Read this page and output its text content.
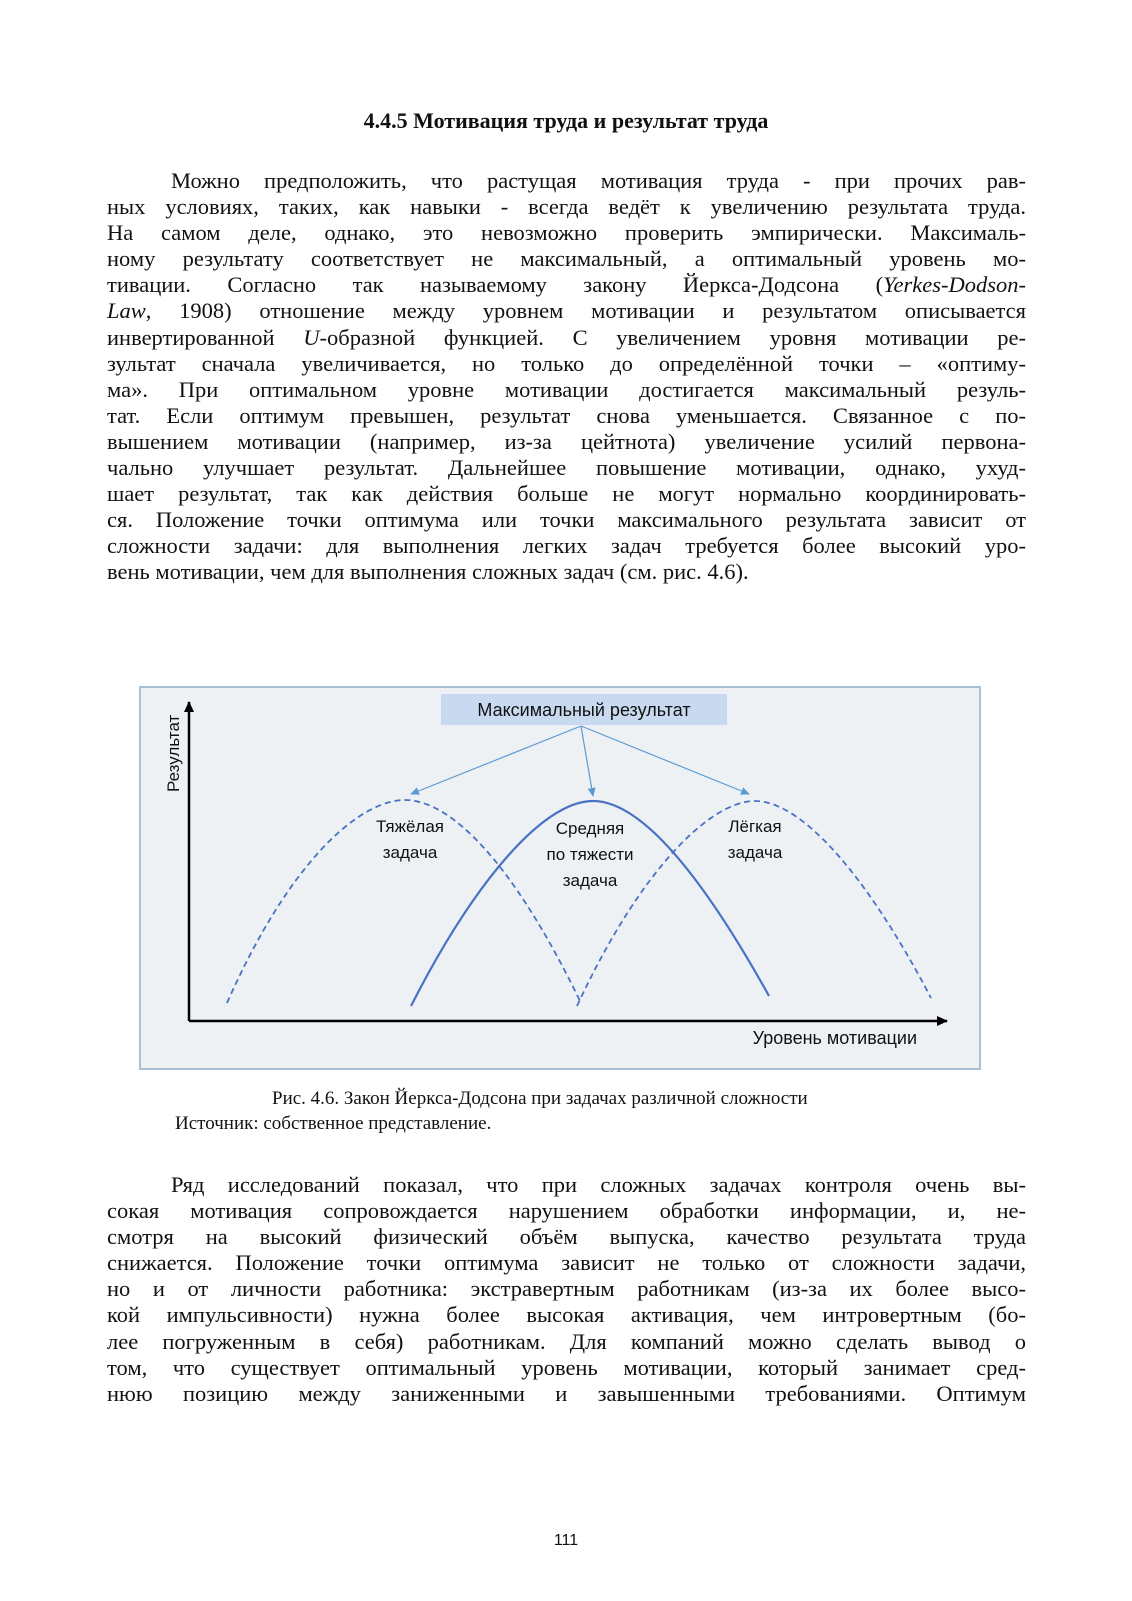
4.4.5 Мотивация труда и результат труда
Можно предположить, что растущая мотивация труда - при прочих рав-
ных условиях, таких, как навыки - всегда ведёт к увеличению результата труда.
На самом деле, однако, это невозможно проверить эмпирически. Максималь-
ному результату соответствует не максимальный, а оптимальный уровень мо-
тивации. Согласно так называемому закону Йеркса-Додсона (Yerkes-Dodson-
Law, 1908) отношение между уровнем мотивации и результатом описывается
инвертированной U-образной функцией. С увеличением уровня мотивации ре-
зультат сначала увеличивается, но только до определённой точки – «оптиму-
ма». При оптимальном уровне мотивации достигается максимальный резуль-
тат. Если оптимум превышен, результат снова уменьшается. Связанное с по-
вышением мотивации (например, из-за цейтнота) увеличение усилий первона-
чально улучшает результат. Дальнейшее повышение мотивации, однако, ухуд-
шает результат, так как действия больше не могут нормально координировать-
ся. Положение точки оптимума или точки максимального результата зависит от
сложности задачи: для выполнения легких задач требуется более высокий уро-
вень мотивации, чем для выполнения сложных задач (см. рис. 4.6).
Максимальный результат
Результат
Уровень мотивации
Тяжёлая
задача
Средняя
по тяжести
задача
Лёгкая
задача
Рис. 4.6. Закон Йеркса-Додсона при задачах различной сложности
Источник: собственное представление.
Ряд исследований показал, что при сложных задачах контроля очень вы-
сокая мотивация сопровождается нарушением обработки информации, и, не-
смотря на высокий физический объём выпуска, качество результата труда
снижается. Положение точки оптимума зависит не только от сложности задачи,
но и от личности работника: экстравертным работникам (из-за их более высо-
кой импульсивности) нужна более высокая активация, чем интровертным (бо-
лее погруженным в себя) работникам. Для компаний можно сделать вывод о
том, что существует оптимальный уровень мотивации, который занимает сред-
нюю позицию между заниженными и завышенными требованиями. Оптимум
111
